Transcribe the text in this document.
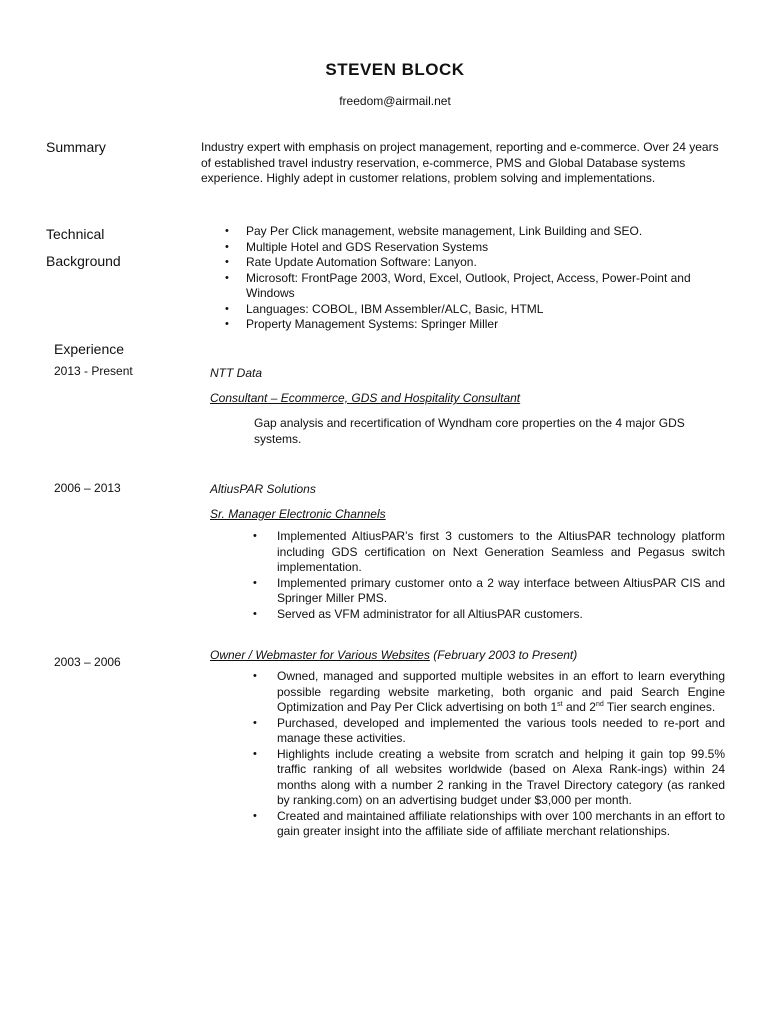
STEVEN BLOCK
freedom@airmail.net
Summary	Industry expert with emphasis on project management, reporting and e-commerce. Over 24 years of established travel industry reservation, e-commerce, PMS and Global Database systems experience. Highly adept in customer relations, problem solving and implementations.
Technical
Background
• Pay Per Click management, website management, Link Building and SEO.
• Multiple Hotel and GDS Reservation Systems
• Rate Update Automation Software: Lanyon.
• Microsoft: FrontPage 2003, Word, Excel, Outlook, Project, Access, Power-Point and Windows
• Languages: COBOL, IBM Assembler/ALC, Basic, HTML
• Property Management Systems: Springer Miller
Experience
2013 - Present	NTT Data
Consultant – Ecommerce, GDS and Hospitality Consultant
Gap analysis and recertification of Wyndham core properties on the 4 major GDS systems.
2006 – 2013	AltiusPAR Solutions
Sr. Manager Electronic Channels
• Implemented AltiusPAR’s first 3 customers to the AltiusPAR technology platform including GDS certification on Next Generation Seamless and Pegasus switch implementation.
• Implemented primary customer onto a 2 way interface between AltiusPAR CIS and Springer Miller PMS.
• Served as VFM administrator for all AltiusPAR customers.
2003 – 2006	Owner / Webmaster for Various Websites (February 2003 to Present)
• Owned, managed and supported multiple websites in an effort to learn everything possible regarding website marketing, both organic and paid Search Engine Optimization and Pay Per Click advertising on both 1st and 2nd Tier search engines.
• Purchased, developed and implemented the various tools needed to re-port and manage these activities.
• Highlights include creating a website from scratch and helping it gain top 99.5% traffic ranking of all websites worldwide (based on Alexa Rank-ings) within 24 months along with a number 2 ranking in the Travel Directory category (as ranked by ranking.com) on an advertising budget under $3,000 per month.
• Created and maintained affiliate relationships with over 100 merchants in an effort to gain greater insight into the affiliate side of affiliate merchant relationships.
